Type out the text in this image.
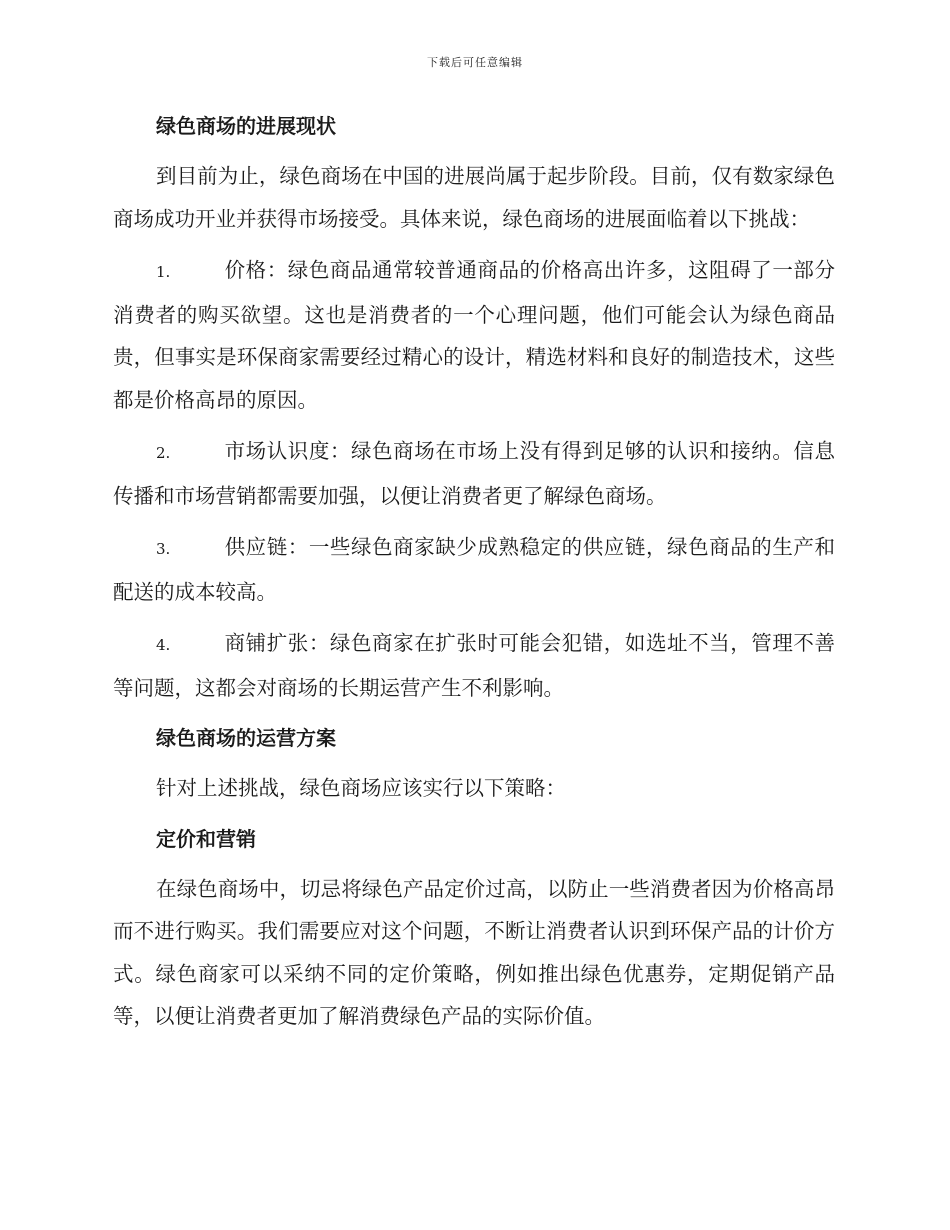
下载后可任意编辑
绿色商场的进展现状

到目前为止，绿色商场在中国的进展尚属于起步阶段。目前，仅有数家绿色商场成功开业并获得市场接受。具体来说，绿色商场的进展面临着以下挑战：

1.	价格：绿色商品通常较普通商品的价格高出许多，这阻碍了一部分消费者的购买欲望。这也是消费者的一个心理问题，他们可能会认为绿色商品贵，但事实是环保商家需要经过精心的设计，精选材料和良好的制造技术，这些都是价格高昂的原因。

2.	市场认识度：绿色商场在市场上没有得到足够的认识和接纳。信息传播和市场营销都需要加强，以便让消费者更了解绿色商场。

3.	供应链：一些绿色商家缺少成熟稳定的供应链，绿色商品的生产和配送的成本较高。

4.	商铺扩张：绿色商家在扩张时可能会犯错，如选址不当，管理不善等问题，这都会对商场的长期运营产生不利影响。

绿色商场的运营方案

针对上述挑战，绿色商场应该实行以下策略：

定价和营销

在绿色商场中，切忌将绿色产品定价过高，以防止一些消费者因为价格高昂而不进行购买。我们需要应对这个问题，不断让消费者认识到环保产品的计价方式。绿色商家可以采纳不同的定价策略，例如推出绿色优惠券，定期促销产品等，以便让消费者更加了解消费绿色产品的实际价值。
